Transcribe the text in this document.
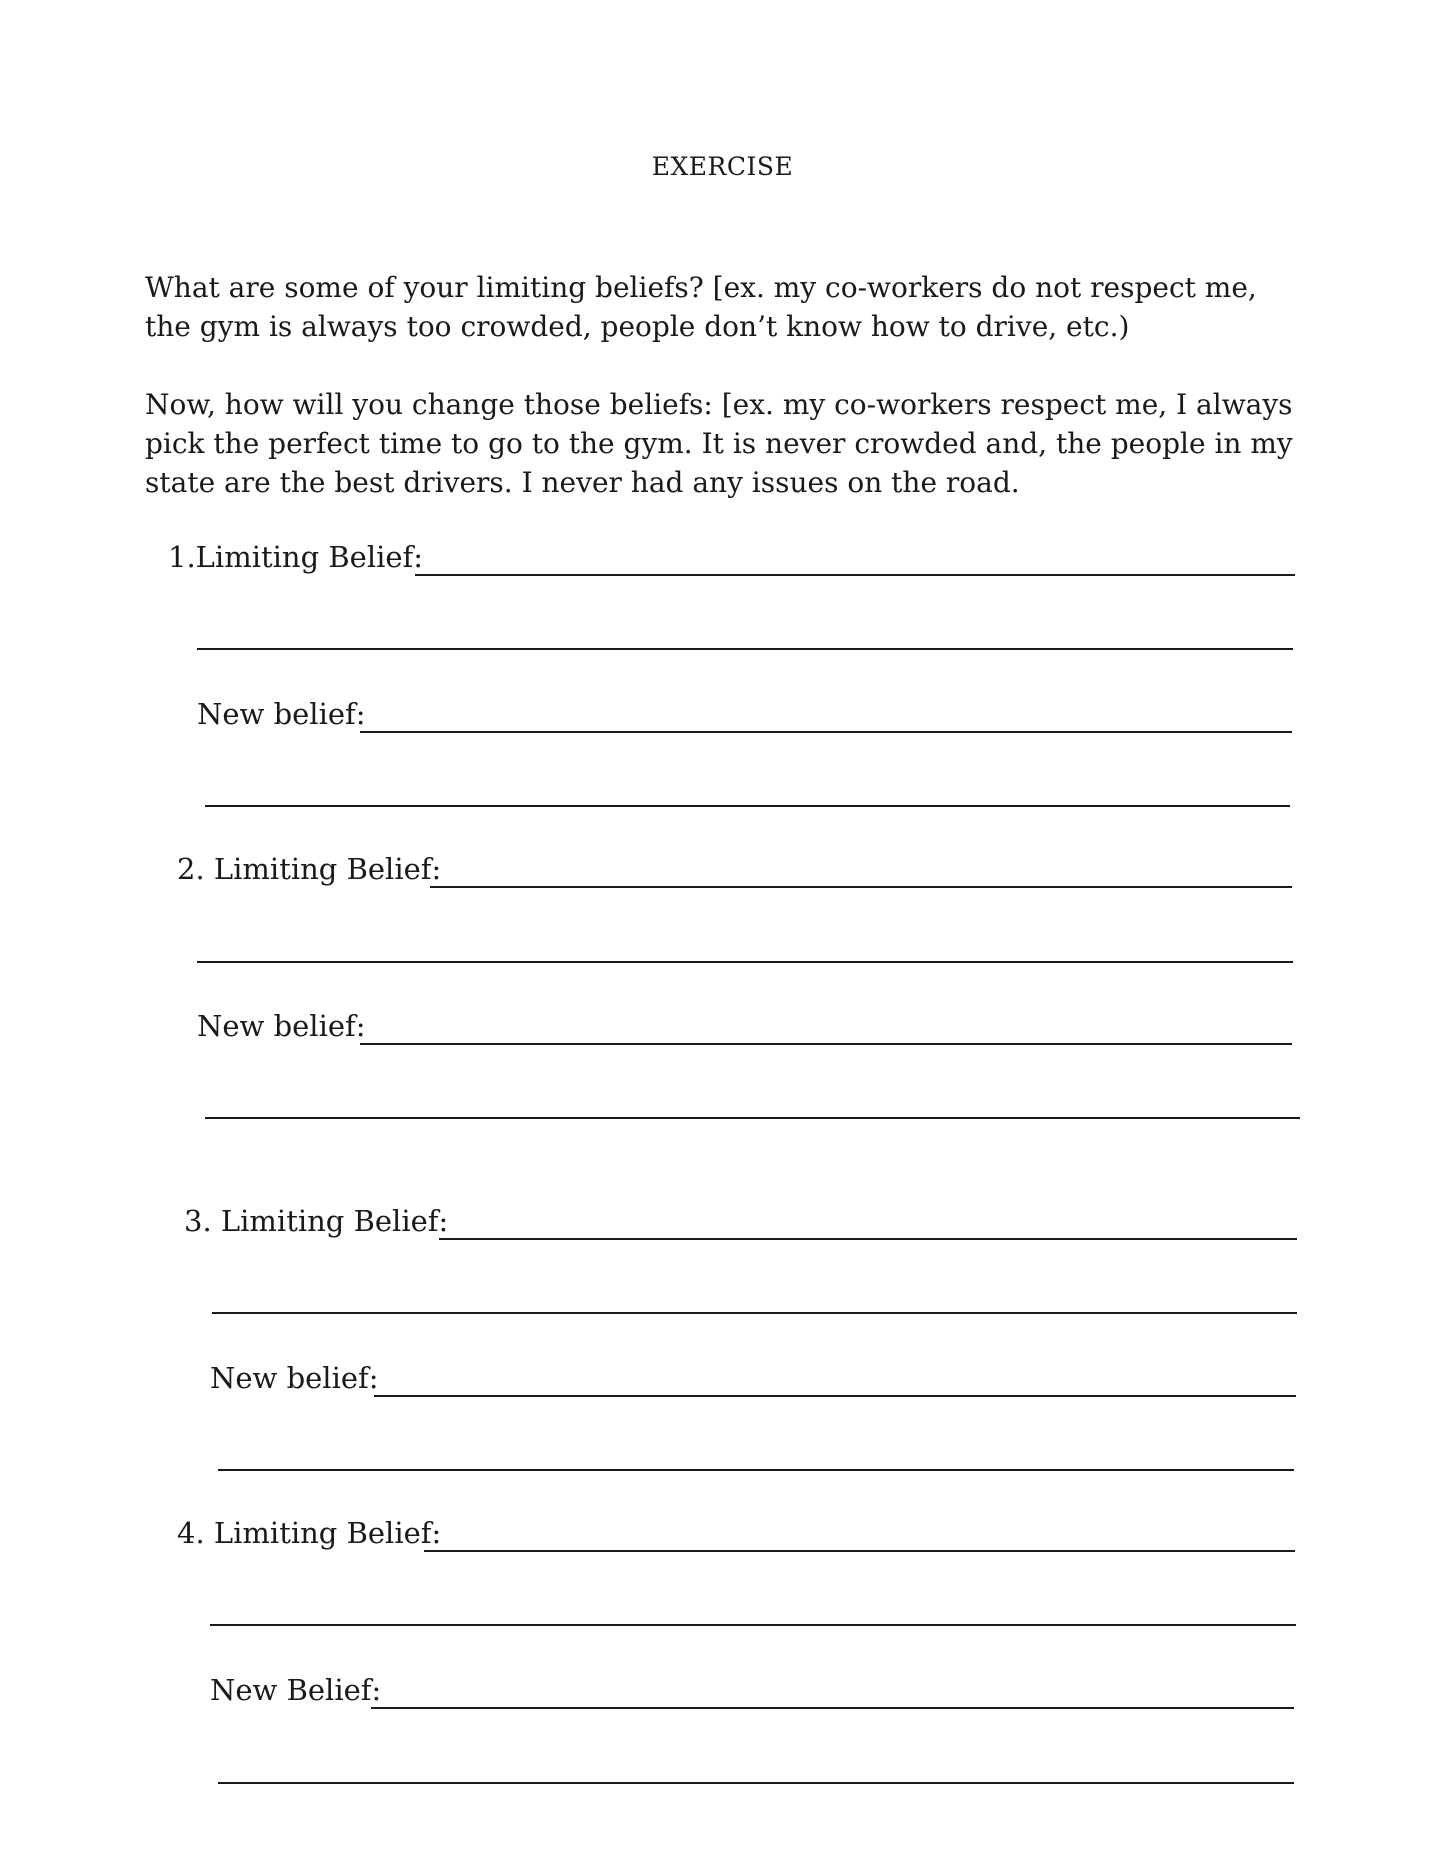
EXERCISE

What are some of your limiting beliefs? [ex. my co-workers do not respect me, the gym is always too crowded, people don’t know how to drive, etc.)

Now, how will you change those beliefs: [ex. my co-workers respect me, I always pick the perfect time to go to the gym. It is never crowded and, the people in my state are the best drivers. I never had any issues on the road.

1.Limiting Belief:
New belief:
2. Limiting Belief:
New belief:
3. Limiting Belief:
New belief:
4. Limiting Belief:
New Belief:
